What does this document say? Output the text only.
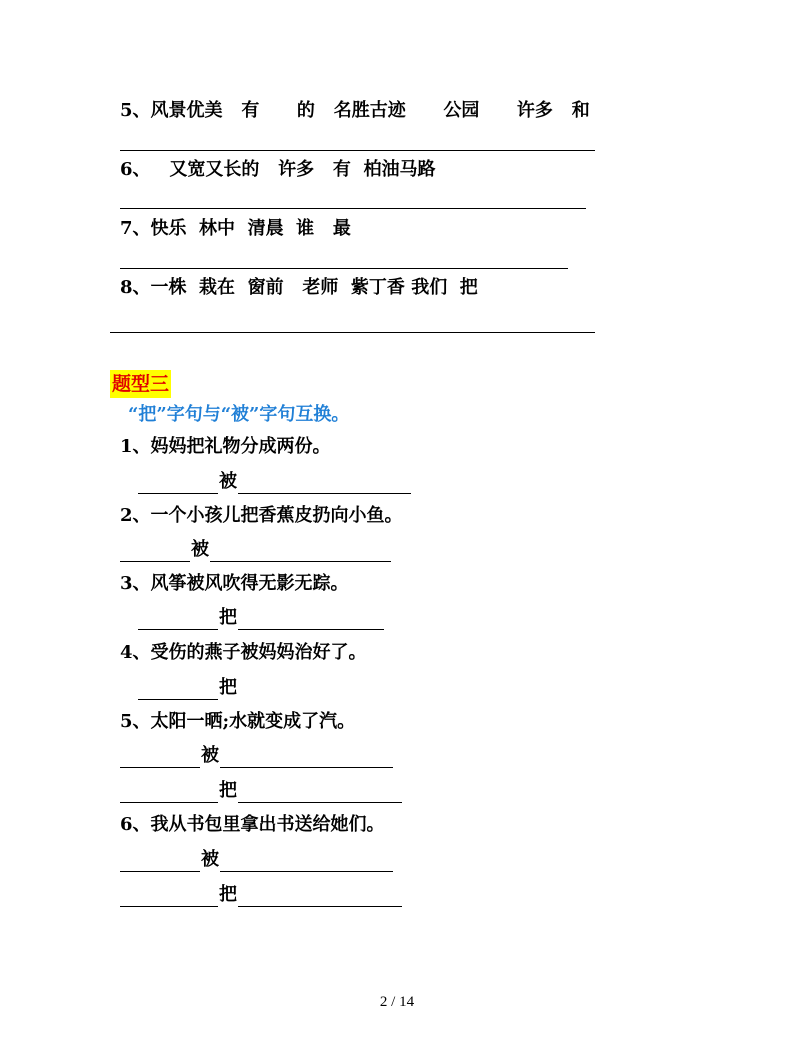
5、风景优美   有      的   名胜古迹      公园      许多   和
6、   又宽又长的   许多   有  柏油马路
7、快乐  林中  清晨  谁   最
8、一株  栽在  窗前   老师  紫丁香 我们  把
题型三
“把”字句与“被”字句互换。
1、妈妈把礼物分成两份。
被
2、一个小孩儿把香蕉皮扔向小鱼。
被
3、风筝被风吹得无影无踪。
把
4、受伤的燕子被妈妈治好了。
把
5、太阳一晒;水就变成了汽。
被
把
6、我从书包里拿出书送给她们。
被
把
2 / 14
